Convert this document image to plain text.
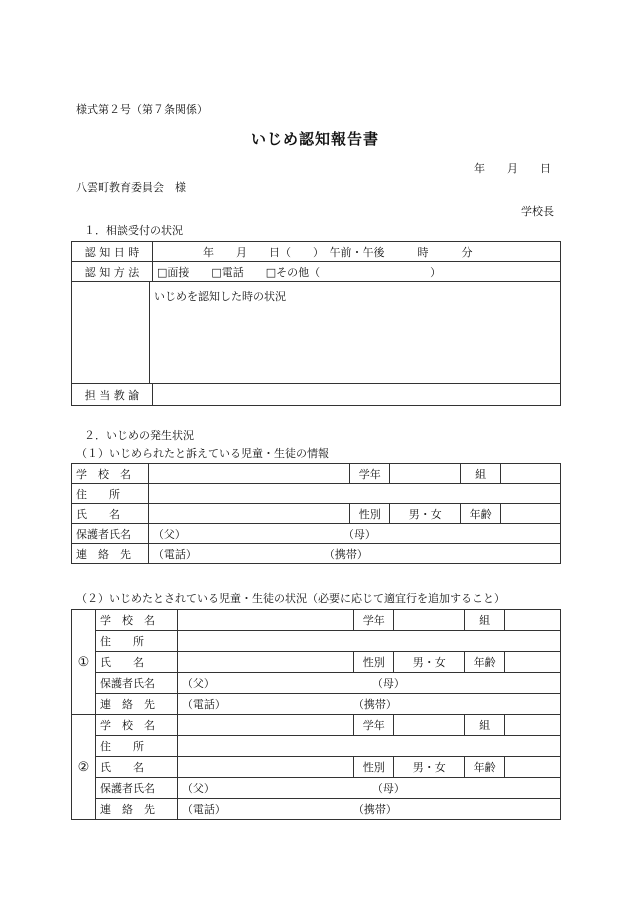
様式第２号（第７条関係）
いじめ認知報告書
年　　月　　日
八雲町教育委員会　様
学校長
１．相談受付の状況
認 知 日 時	年　　月　　日（　　）　午前・午後　　　時　　　分
認 知 方 法	□面接　　□電話　　□その他（　　　　　　　　　　）

いじめを認知した時の状況	

担 当 教 諭	
２．いじめの発生状況
（１）いじめられたと訴えている児童・生徒の情報
学　校　名		学年		組	
住　　所					
氏　　名		性別	男・女	年齢	
保護者氏名	（父） （母）				
連　絡　先	（電話） （携帯）				
（２）いじめたとされている児童・生徒の状況（必要に応じて適宜行を追加すること）
①	学　校　名		学年		組	
	住　　所					
	氏　　名		性別	男・女	年齢	
	保護者氏名	（父） （母）				
	連　絡　先	（電話） （携帯）				
②	学　校　名		学年		組	
	住　　所					
	氏　　名		性別	男・女	年齢	
	保護者氏名	（父） （母）				
	連　絡　先	（電話） （携帯）				
